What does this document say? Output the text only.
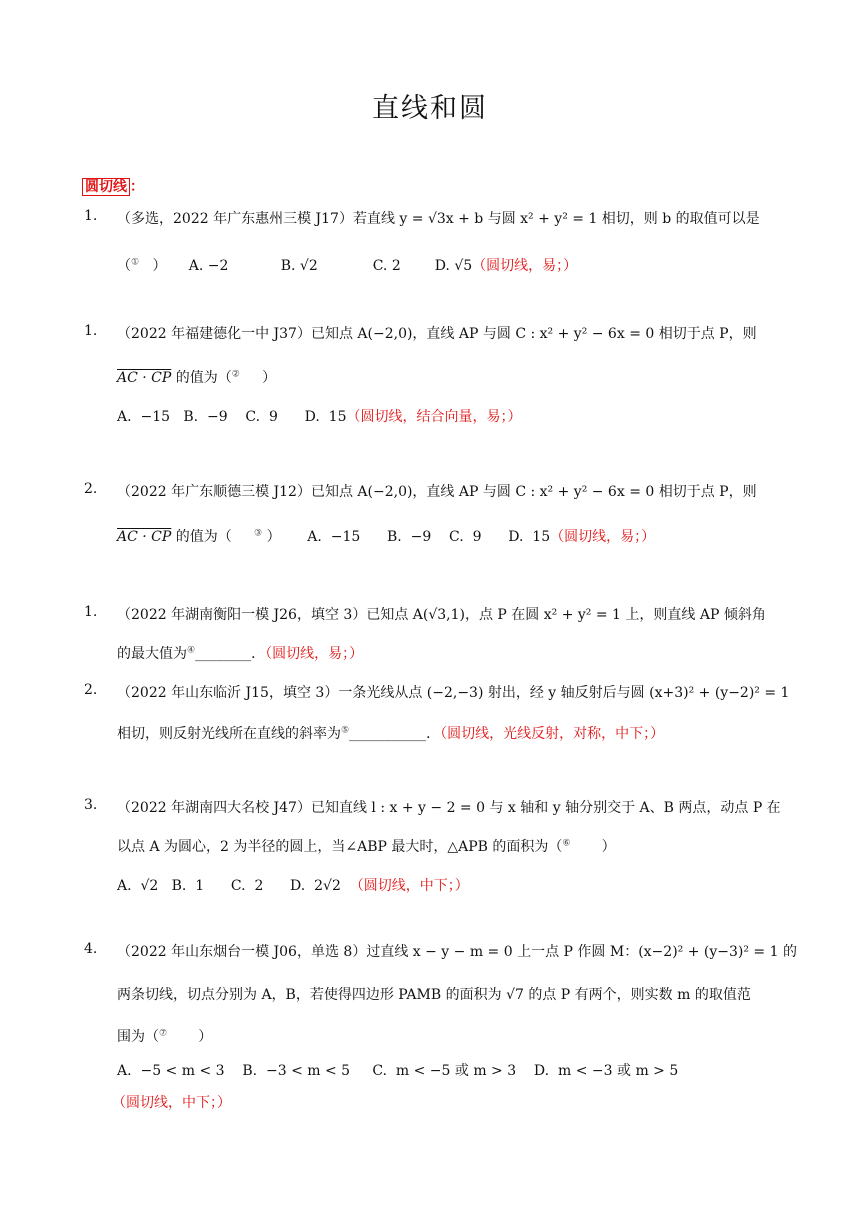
直线和圆
圆切线 ：
1. （多选，2022 年广东惠州三模 J17）若直线 y = √3x + b 与圆 x² + y² = 1 相切，则 b 的取值可以是
（① ） A. −2	B. √2	C. 2 D. √5（圆切线，易；）
1. （2022 年福建德化一中 J37）已知点 A(−2,0)，直线 AP 与圆 C : x² + y² − 6x = 0 相切于点 P，则
AC · CP 的值为（② ）
A.  −15   B.  −9    C.  9      D.  15（圆切线，结合向量，易；）
2. （2022 年广东顺德三模 J12）已知点 A(−2,0)，直线 AP 与圆 C : x² + y² − 6x = 0 相切于点 P，则
AC · CP 的值为（ ③ ） A.  −15      B.  −9    C.  9      D.  15（圆切线，易；）
1. （2022 年湖南衡阳一模 J26，填空 3）已知点 A(√3,1)，点 P 在圆 x² + y² = 1 上，则直线 AP 倾斜角
的最大值为④________．（圆切线，易；）
2. （2022 年山东临沂 J15，填空 3）一条光线从点 (−2,−3) 射出，经 y 轴反射后与圆 (x+3)² + (y−2)² = 1
相切，则反射光线所在直线的斜率为⑤___________．（圆切线，光线反射，对称，中下；）
3. （2022 年湖南四大名校 J47）已知直线 l : x + y − 2 = 0 与 x 轴和 y 轴分别交于 A、B 两点，动点 P 在
以点 A 为圆心，2 为半径的圆上，当∠ABP 最大时，△APB 的面积为（⑥ ）
A.  √2   B.  1      C.  2      D.  2√2 （圆切线，中下；）
4. （2022 年山东烟台一模 J06，单选 8）过直线 x − y − m = 0 上一点 P 作圆 M：(x−2)² + (y−3)² = 1 的
两条切线，切点分别为 A，B，若使得四边形 PAMB 的面积为 √7 的点 P 有两个，则实数 m 的取值范
围为（⑦ ）
A.  −5 < m < 3    B.  −3 < m < 5     C.  m < −5 或 m > 3    D.  m < −3 或 m > 5
（圆切线，中下；）
